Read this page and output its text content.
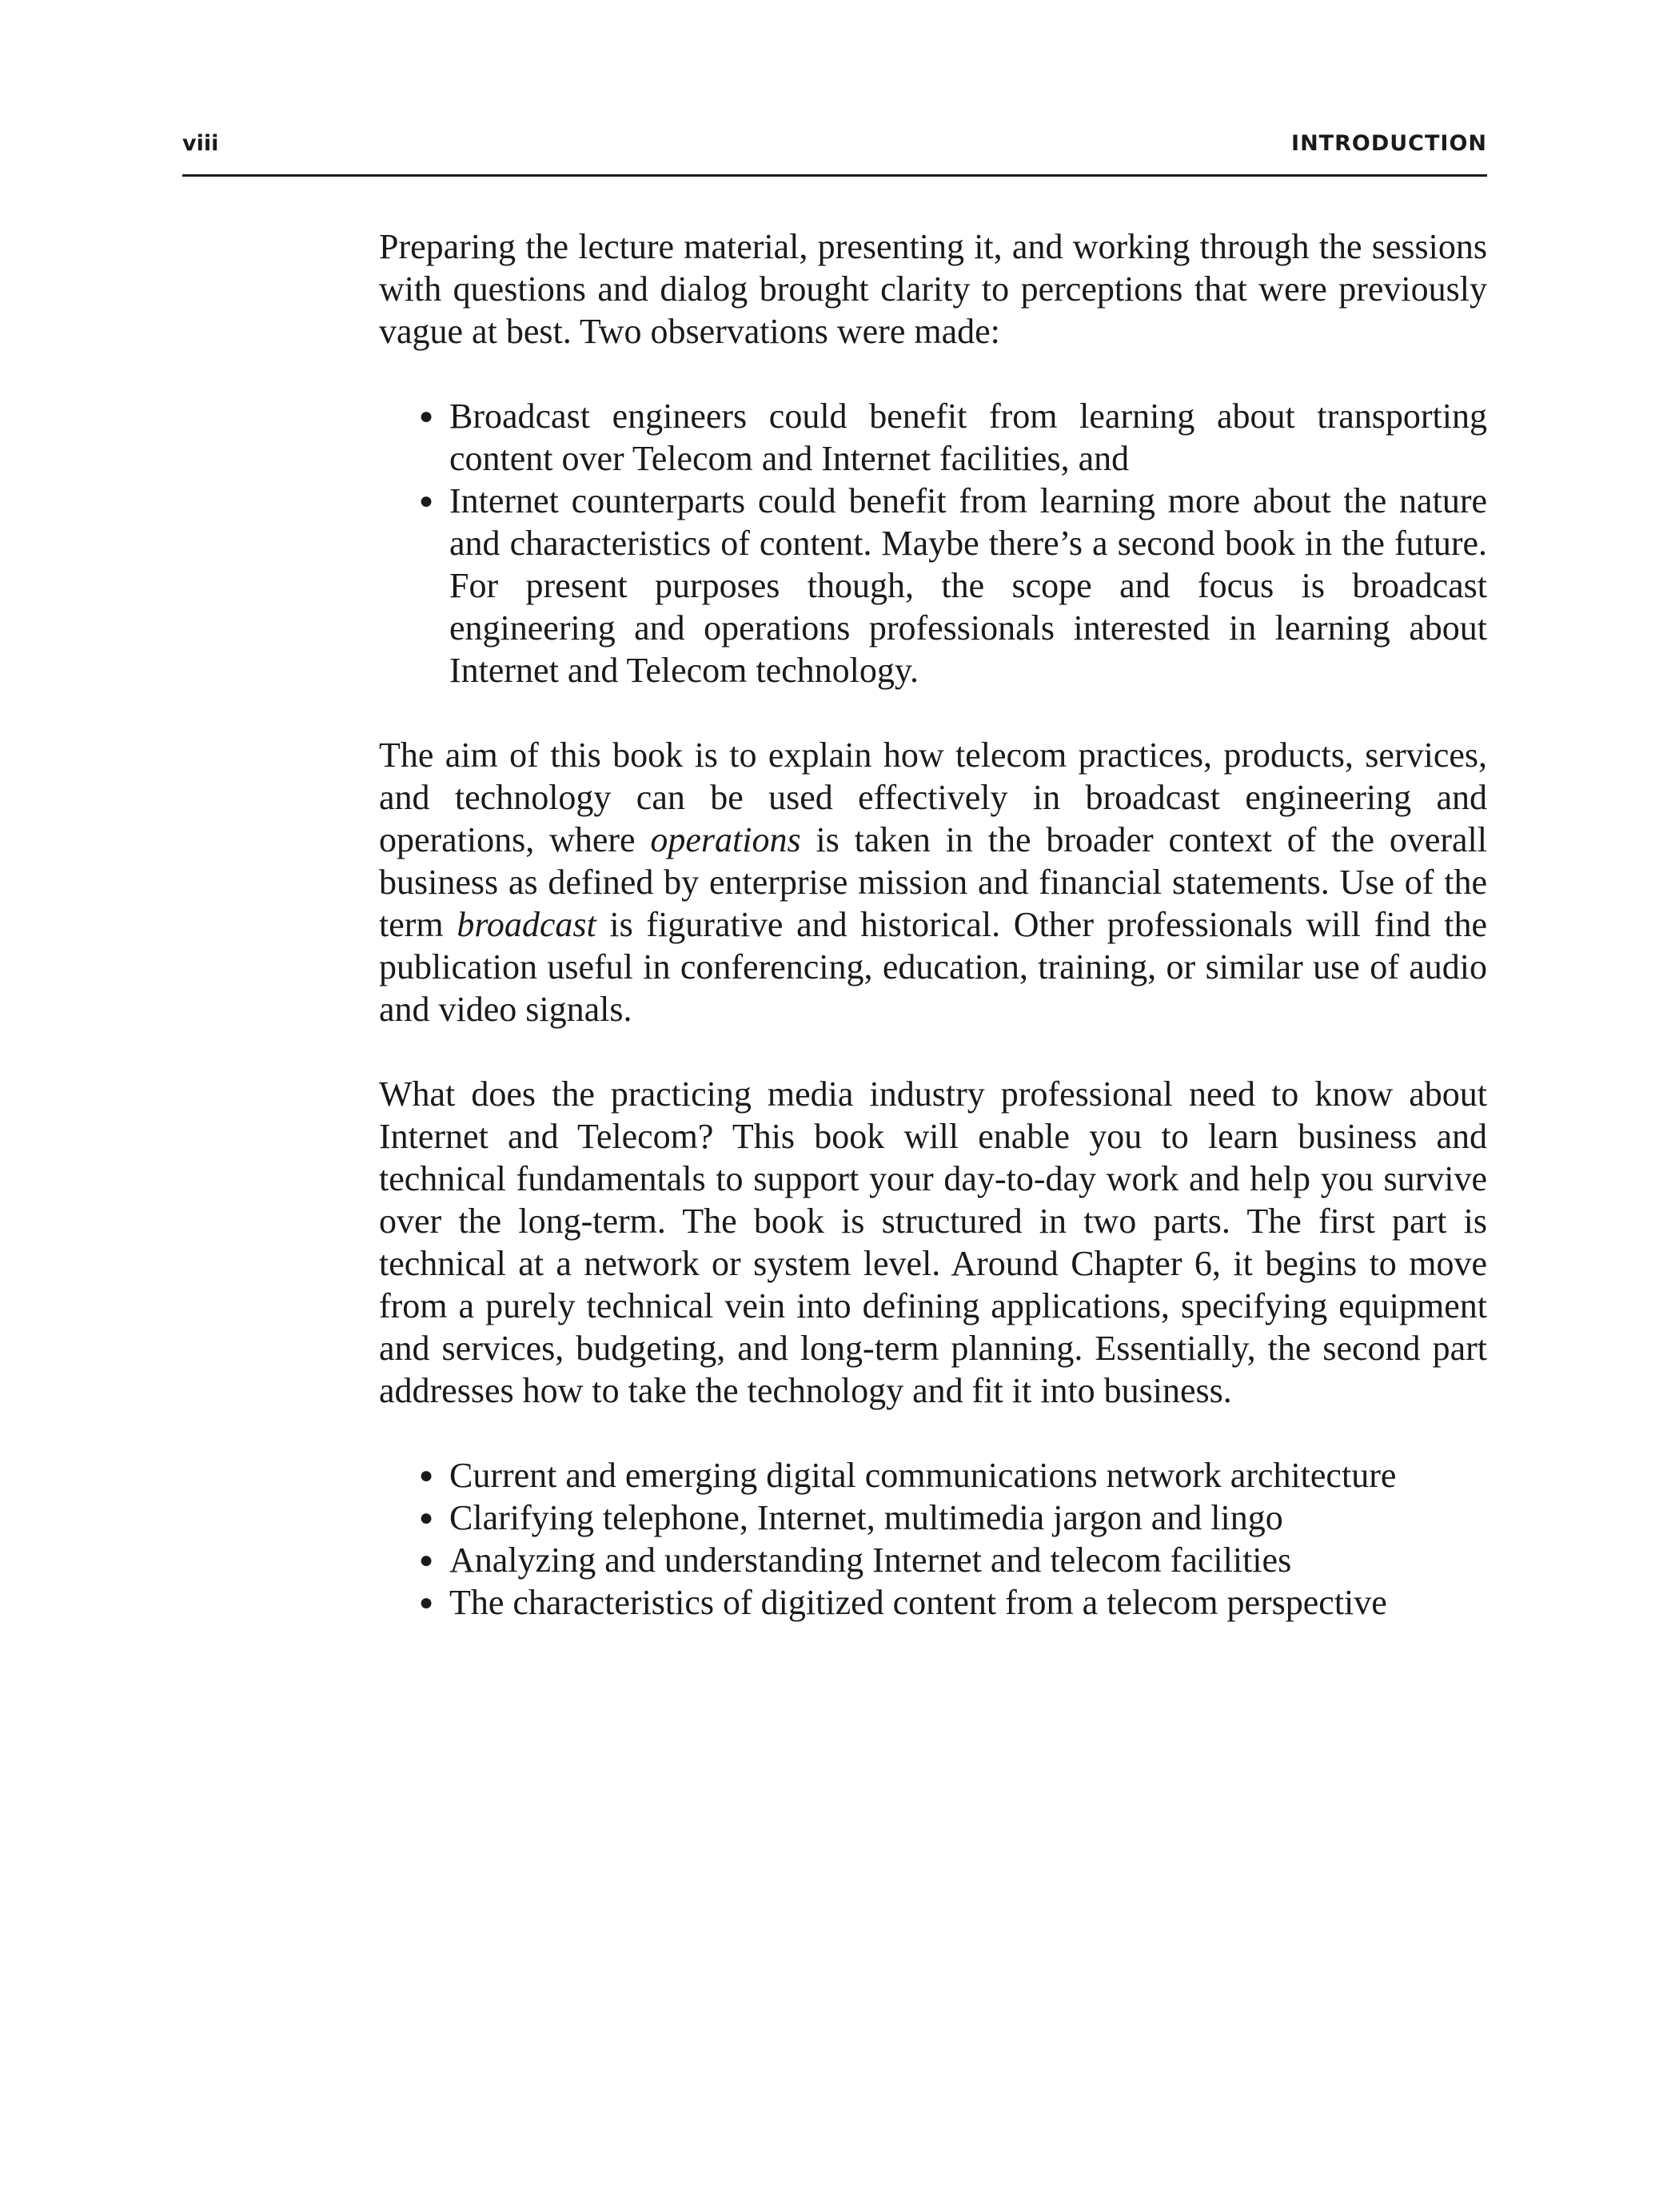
viii	INTRODUCTION

Preparing the lecture material, presenting it, and working through the sessions with questions and dialog brought clarity to perceptions that were previously vague at best. Two observations were made:

● Broadcast engineers could benefit from learning about transporting content over Telecom and Internet facilities, and
● Internet counterparts could benefit from learning more about the nature and characteristics of content. Maybe there’s a second book in the future. For present purposes though, the scope and focus is broadcast engineering and operations professionals interested in learning about Internet and Telecom technology.

The aim of this book is to explain how telecom practices, products, services, and technology can be used effectively in broadcast engineering and operations, where operations is taken in the broader context of the overall business as defined by enterprise mission and financial statements. Use of the term broadcast is figurative and historical. Other professionals will find the publication useful in conferencing, education, training, or similar use of audio and video signals.

What does the practicing media industry professional need to know about Internet and Telecom? This book will enable you to learn business and technical fundamentals to support your day-to-day work and help you survive over the long-term. The book is structured in two parts. The first part is technical at a network or system level. Around Chapter 6, it begins to move from a purely technical vein into defining applications, specifying equipment and services, budgeting, and long-term planning. Essentially, the second part addresses how to take the technology and fit it into business.

● Current and emerging digital communications network architecture
● Clarifying telephone, Internet, multimedia jargon and lingo
● Analyzing and understanding Internet and telecom facilities
● The characteristics of digitized content from a telecom perspective
